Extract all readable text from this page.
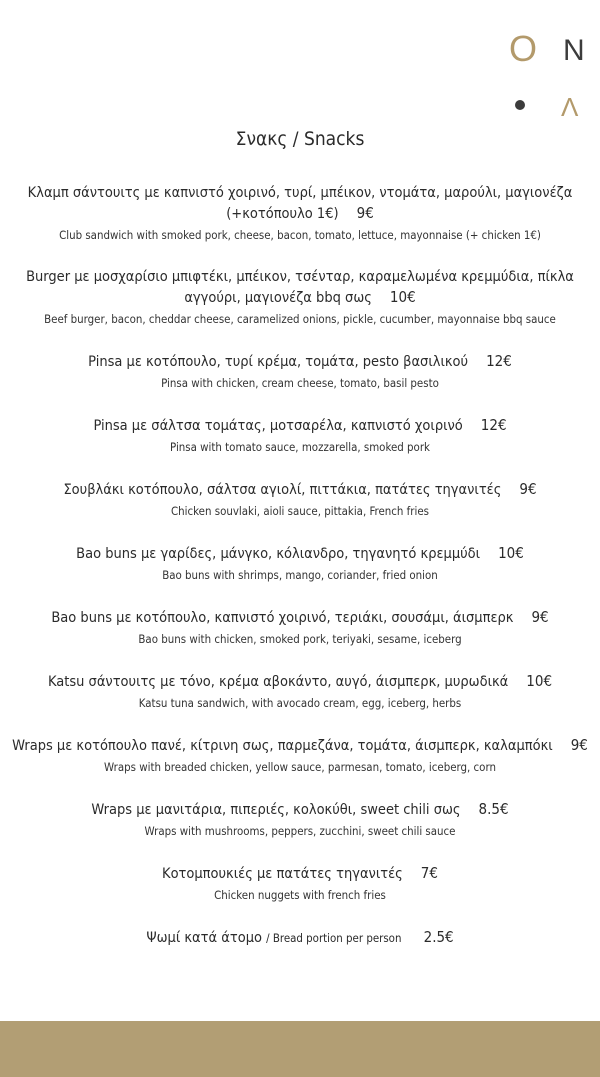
O N
Λ
Σνακς / Snacks
Κλαμπ σάντουιτς με καπνιστό χοιρινό, τυρί, μπέικον, ντομάτα, μαρούλι, μαγιονέζα (+κοτόπουλο 1€) 9€
Club sandwich with smoked pork, cheese, bacon, tomato, lettuce, mayonnaise (+ chicken 1€)
Burger με μοσχαρίσιο μπιφτέκι, μπέικον, τσένταρ, καραμελωμένα κρεμμύδια, πίκλα αγγούρι, μαγιονέζα bbq σως 10€
Beef burger, bacon, cheddar cheese, caramelized onions, pickle, cucumber, mayonnaise bbq sauce
Pinsa με κοτόπουλο, τυρί κρέμα, τομάτα, pesto βασιλικού 12€
Pinsa with chicken, cream cheese, tomato, basil pesto
Pinsa με σάλτσα τομάτας, μοτσαρέλα, καπνιστό χοιρινό 12€
Pinsa with tomato sauce, mozzarella, smoked pork
Σουβλάκι κοτόπουλο, σάλτσα αγιολί, πιττάκια, πατάτες τηγανιτές 9€
Chicken souvlaki, aioli sauce, pittakia, French fries
Bao buns με γαρίδες, μάνγκο, κόλιανδρο, τηγανητό κρεμμύδι 10€
Bao buns with shrimps, mango, coriander, fried onion
Bao buns με κοτόπουλο, καπνιστό χοιρινό, τεριάκι, σουσάμι, άισμπερκ 9€
Bao buns with chicken, smoked pork, teriyaki, sesame, iceberg
Katsu σάντουιτς με τόνο, κρέμα αβοκάντο, αυγό, άισμπερκ, μυρωδικά 10€
Katsu tuna sandwich, with avocado cream, egg, iceberg, herbs
Wraps με κοτόπουλο πανέ, κίτρινη σως, παρμεζάνα, τομάτα, άισμπερκ, καλαμπόκι 9€
Wraps with breaded chicken, yellow sauce, parmesan, tomato, iceberg, corn
Wraps με μανιτάρια, πιπεριές, κολοκύθι, sweet chili σως 8.5€
Wraps with mushrooms, peppers, zucchini, sweet chili sauce
Κοτομπουκιές με πατάτες τηγανιτές 7€
Chicken nuggets with french fries
Ψωμί κατά άτομο / Bread portion per person 2.5€
